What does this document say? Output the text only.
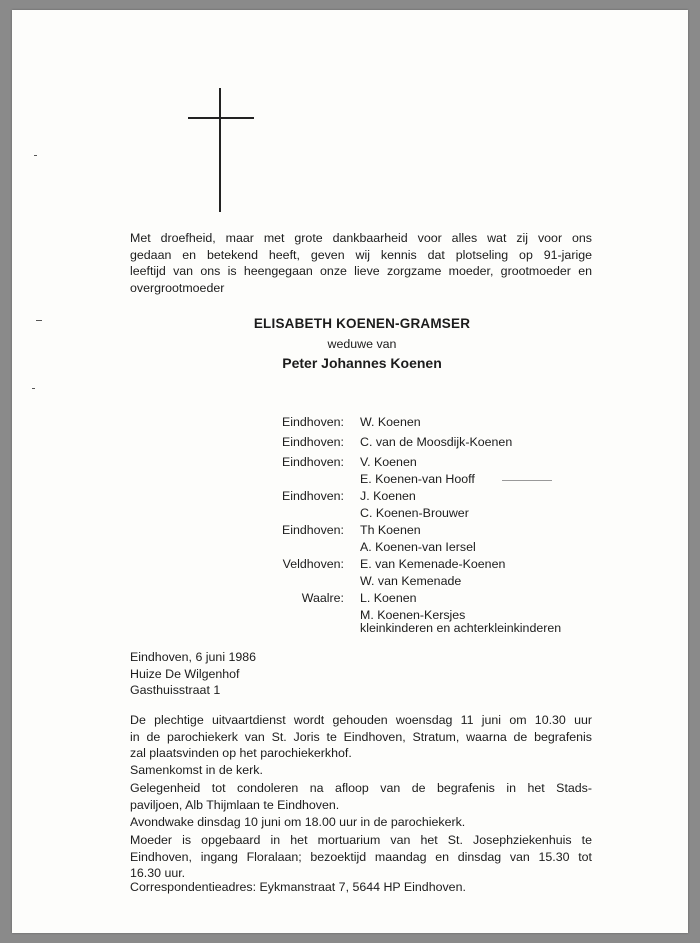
Met droefheid, maar met grote dankbaarheid voor alles wat zij voor ons
gedaan en betekend heeft, geven wij kennis dat plotseling op 91-jarige
leeftijd van ons is heengegaan onze lieve zorgzame moeder, grootmoeder en
overgrootmoeder
ELISABETH KOENEN-GRAMSER
weduwe van
Peter Johannes Koenen
Eindhoven: W. Koenen
Eindhoven: C. van de Moosdijk-Koenen
Eindhoven: V. Koenen
E. Koenen-van Hooff
Eindhoven: J. Koenen
C. Koenen-Brouwer
Eindhoven: Th Koenen
A. Koenen-van Iersel
Veldhoven: E. van Kemenade-Koenen
W. van Kemenade
Waalre: L. Koenen
M. Koenen-Kersjes
kleinkinderen en achterkleinkinderen
Eindhoven, 6 juni 1986
Huize De Wilgenhof
Gasthuisstraat 1
De plechtige uitvaartdienst wordt gehouden woensdag 11 juni om 10.30 uur
in de parochiekerk van St. Joris te Eindhoven, Stratum, waarna de begrafenis
zal plaatsvinden op het parochiekerkhof.
Samenkomst in de kerk.
Gelegenheid tot condoleren na afloop van de begrafenis in het Stads-
paviljoen, Alb Thijmlaan te Eindhoven.
Avondwake dinsdag 10 juni om 18.00 uur in de parochiekerk.
Moeder is opgebaard in het mortuarium van het St. Josephziekenhuis te
Eindhoven, ingang Floralaan; bezoektijd maandag en dinsdag van 15.30 tot
16.30 uur.
Correspondentieadres: Eykmanstraat 7, 5644 HP Eindhoven.
